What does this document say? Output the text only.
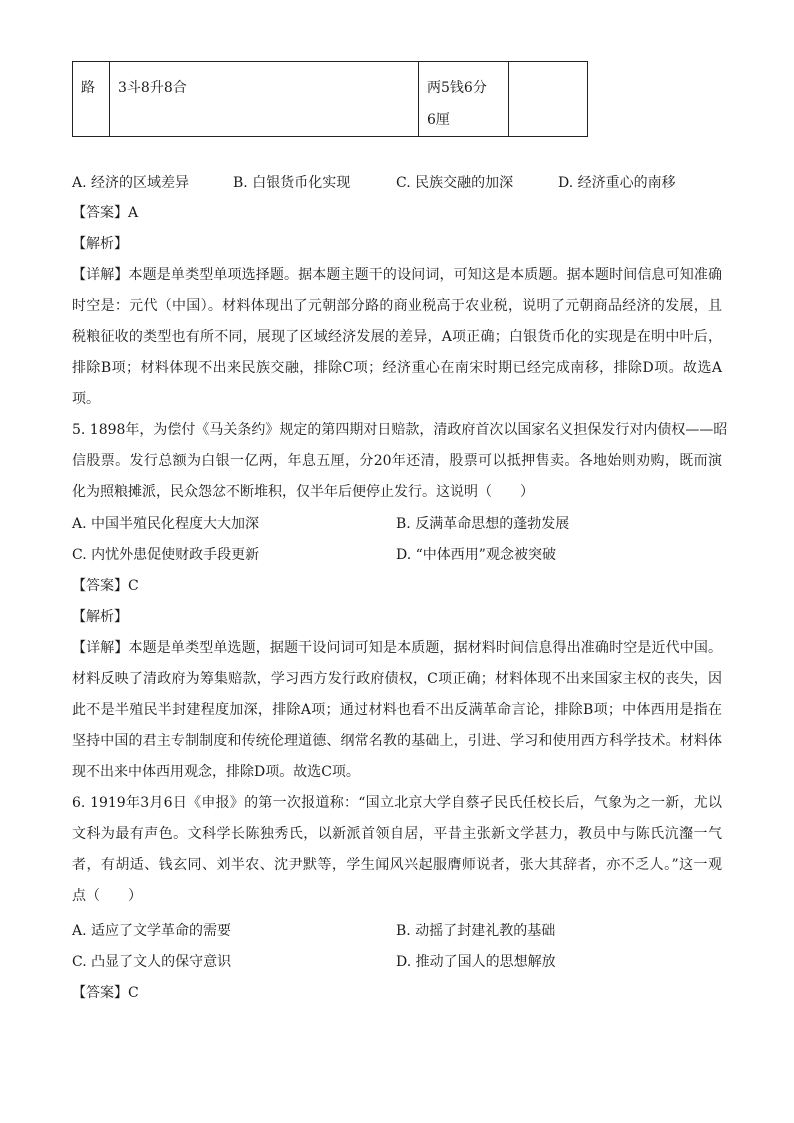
路	3斗8升8合	两5钱6分
6厘	
A. 经济的区域差异	B. 白银货币化实现	C. 民族交融的加深	D. 经济重心的南移
【答案】A
【解析】
【详解】本题是单类型单项选择题。据本题主题干的设问词，可知这是本质题。据本题时间信息可知准确
时空是：元代（中国）。材料体现出了元朝部分路的商业税高于农业税，说明了元朝商品经济的发展，且
税粮征收的类型也有所不同，展现了区域经济发展的差异，A项正确；白银货币化的实现是在明中叶后，
排除B项；材料体现不出来民族交融，排除C项；经济重心在南宋时期已经完成南移，排除D项。故选A
项。
5. 1898年，为偿付《马关条约》规定的第四期对日赔款，清政府首次以国家名义担保发行对内债权——昭
信股票。发行总额为白银一亿两，年息五厘，分20年还清，股票可以抵押售卖。各地始则劝购，既而演
化为照粮摊派，民众怨忿不断堆积，仅半年后便停止发行。这说明（　　）
A. 中国半殖民化程度大大加深	B. 反满革命思想的蓬勃发展
C. 内忧外患促使财政手段更新	D. “中体西用”观念被突破
【答案】C
【解析】
【详解】本题是单类型单选题，据题干设问词可知是本质题，据材料时间信息得出准确时空是近代中国。
材料反映了清政府为筹集赔款，学习西方发行政府债权，C项正确；材料体现不出来国家主权的丧失，因
此不是半殖民半封建程度加深，排除A项；通过材料也看不出反满革命言论，排除B项；中体西用是指在
坚持中国的君主专制制度和传统伦理道德、纲常名教的基础上，引进、学习和使用西方科学技术。材料体
现不出来中体西用观念，排除D项。故选C项。
6. 1919年3月6日《申报》的第一次报道称：“国立北京大学自蔡孑民氏任校长后，气象为之一新，尤以
文科为最有声色。文科学长陈独秀氏，以新派首领自居，平昔主张新文学甚力，教员中与陈氏沆瀣一气
者，有胡适、钱玄同、刘半农、沈尹默等，学生闻风兴起服膺师说者，张大其辞者，亦不乏人。”这一观
点（　　）
A. 适应了文学革命的需要	B. 动摇了封建礼教的基础
C. 凸显了文人的保守意识	D. 推动了国人的思想解放
【答案】C
